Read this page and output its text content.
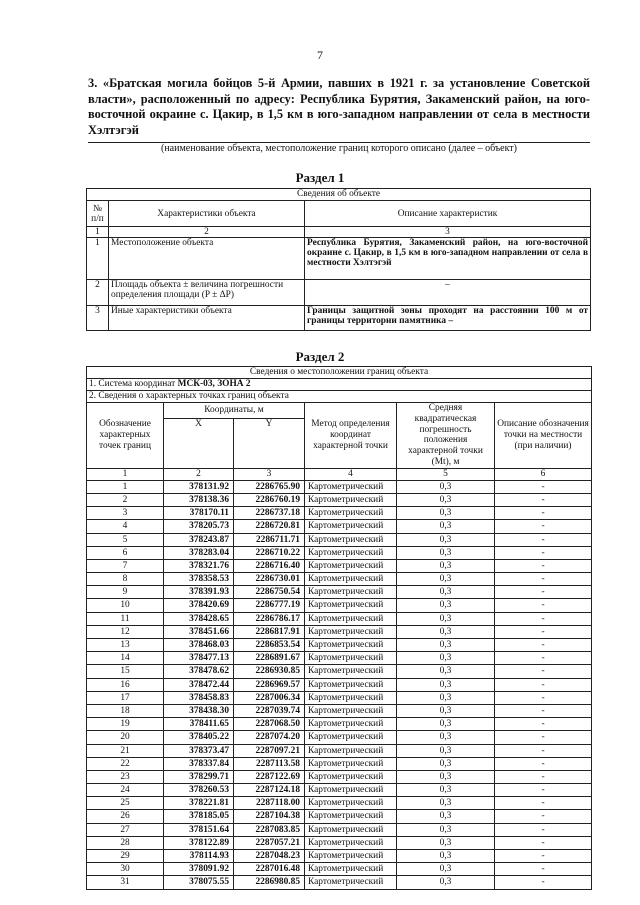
7
3. «Братская могила бойцов 5-й Армии, павших в 1921 г. за установление Советской власти», расположенный по адресу: Республика Бурятия, Закаменский район, на юго-восточной окраине с. Цакир, в 1,5 км в юго-западном направлении от села в местности Хэлтэгэй
(наименование объекта, местоположение границ которого описано (далее – объект)
Раздел 1
Сведения об объекте		
№ п/п	Характеристики объекта	Описание характеристик
1	2	3
1	Местоположение объекта	Республика Бурятия, Закаменский район, на юго-восточной окраине с. Цакир, в 1,5 км в юго-западном направлении от села в местности Хэлтэгэй
2	Площадь объекта ± величина погрешности определения площади (P ± ΔP)	–
3	Иные характеристики объекта	Границы защитной зоны проходят на расстоянии 100 м от границы территории памятника –
Раздел 2
Сведения о местоположении границ объекта					
1. Система координат МСК-03, ЗОНА 2					
2. Сведения о характерных точках границ объекта					
Обозначение характерных точек границ	Координаты, м		Метод определения координат характерной точки	Средняя квадратическая погрешность положения характерной точки (Mt), м	Описание обозначения точки на местности (при наличии)
	X	Y			
1	2	3	4	5	6
1	378131.92	2286765.90	Картометрический	0,3	-
2	378138.36	2286760.19	Картометрический	0,3	-
3	378170.11	2286737.18	Картометрический	0,3	-
4	378205.73	2286720.81	Картометрический	0,3	-
5	378243.87	2286711.71	Картометрический	0,3	-
6	378283.04	2286710.22	Картометрический	0,3	-
7	378321.76	2286716.40	Картометрический	0,3	-
8	378358.53	2286730.01	Картометрический	0,3	-
9	378391.93	2286750.54	Картометрический	0,3	-
10	378420.69	2286777.19	Картометрический	0,3	-
11	378428.65	2286786.17	Картометрический	0,3	-
12	378451.66	2286817.91	Картометрический	0,3	-
13	378468.03	2286853.54	Картометрический	0,3	-
14	378477.13	2286891.67	Картометрический	0,3	-
15	378478.62	2286930.85	Картометрический	0,3	-
16	378472.44	2286969.57	Картометрический	0,3	-
17	378458.83	2287006.34	Картометрический	0,3	-
18	378438.30	2287039.74	Картометрический	0,3	-
19	378411.65	2287068.50	Картометрический	0,3	-
20	378405.22	2287074.20	Картометрический	0,3	-
21	378373.47	2287097.21	Картометрический	0,3	-
22	378337.84	2287113.58	Картометрический	0,3	-
23	378299.71	2287122.69	Картометрический	0,3	-
24	378260.53	2287124.18	Картометрический	0,3	-
25	378221.81	2287118.00	Картометрический	0,3	-
26	378185.05	2287104.38	Картометрический	0,3	-
27	378151.64	2287083.85	Картометрический	0,3	-
28	378122.89	2287057.21	Картометрический	0,3	-
29	378114.93	2287048.23	Картометрический	0,3	-
30	378091.92	2287016.48	Картометрический	0,3	-
31	378075.55	2286980.85	Картометрический	0,3	-
